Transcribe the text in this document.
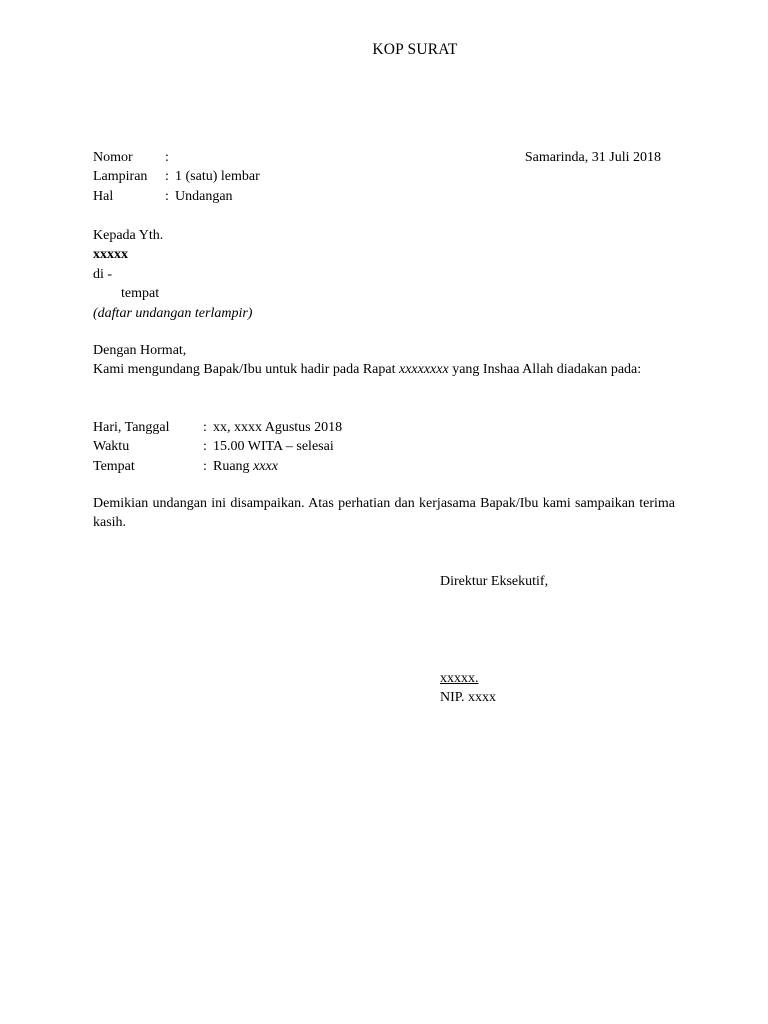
KOP SURAT
Samarinda, 31 Juli 2018
Nomor	:
Lampiran	: 1 (satu) lembar
Hal	: Undangan
Kepada Yth.
xxxxx
di -
tempat
(daftar undangan terlampir)
Dengan Hormat,
Kami mengundang Bapak/Ibu untuk hadir pada Rapat xxxxxxxx yang Inshaa Allah diadakan pada:
Hari, Tanggal	: xx, xxxx Agustus 2018
Waktu	: 15.00 WITA – selesai
Tempat	: Ruang xxxx
Demikian undangan ini disampaikan. Atas perhatian dan kerjasama Bapak/Ibu kami sampaikan terima kasih.
Direktur Eksekutif,
xxxxx.
NIP. xxxx
